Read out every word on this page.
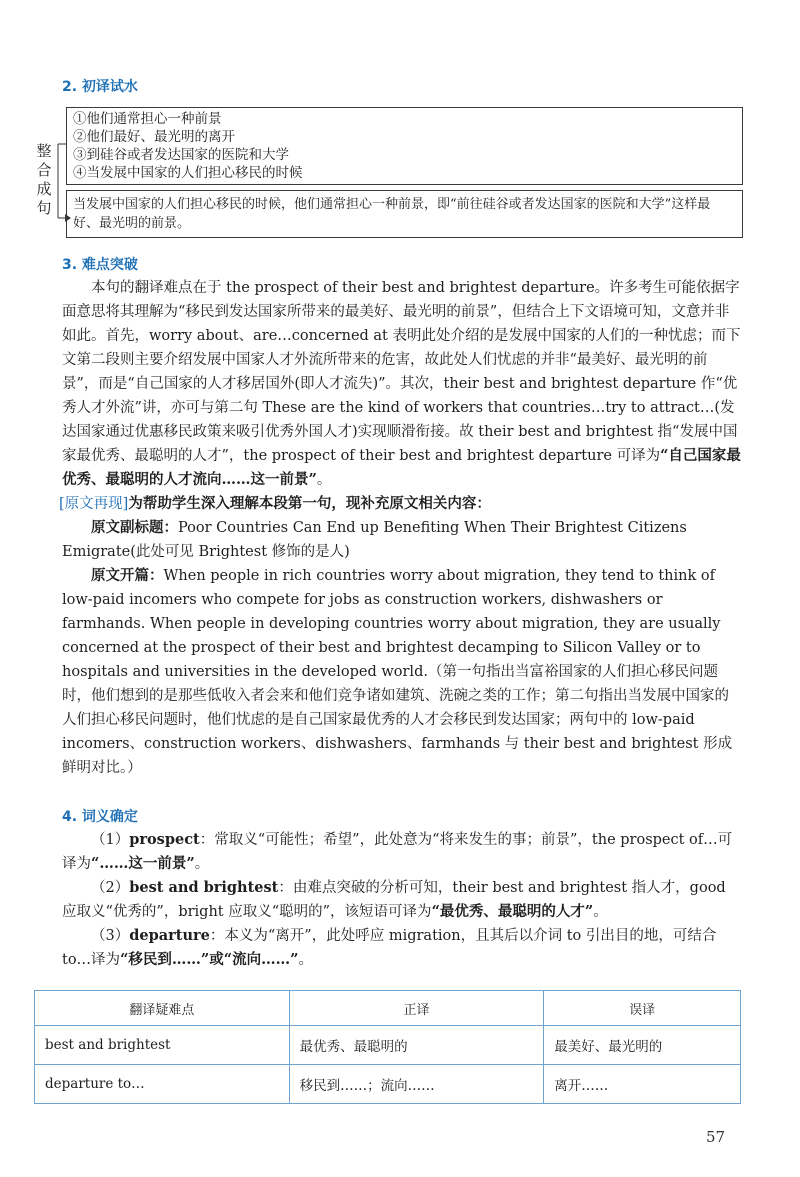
2. 初译试水
整合成句
①他们通常担心一种前景
②他们最好、最光明的离开
③到硅谷或者发达国家的医院和大学
④当发展中国家的人们担心移民的时候
当发展中国家的人们担心移民的时候，他们通常担心一种前景，即“前往硅谷或者发达国家的医院和大学”这样最好、最光明的前景。
3. 难点突破

本句的翻译难点在于 the prospect of their best and brightest departure。许多考生可能依据字面意思将其理解为“移民到发达国家所带来的最美好、最光明的前景”，但结合上下文语境可知，文意并非如此。首先，worry about、are…concerned at 表明此处介绍的是发展中国家的人们的一种忧虑；而下文第二段则主要介绍发展中国家人才外流所带来的危害，故此处人们忧虑的并非“最美好、最光明的前景”，而是“自己国家的人才移居国外(即人才流失)”。其次，their best and brightest departure 作“优秀人才外流”讲，亦可与第二句 These are the kind of workers that countries…try to attract…(发达国家通过优惠移民政策来吸引优秀外国人才)实现顺滑衔接。故 their best and brightest 指“发展中国家最优秀、最聪明的人才”，the prospect of their best and brightest departure 可译为“自己国家最优秀、最聪明的人才流向……这一前景”。

[原文再现]为帮助学生深入理解本段第一句，现补充原文相关内容：

原文副标题：Poor Countries Can End up Benefiting When Their Brightest Citizens Emigrate(此处可见 Brightest 修饰的是人)

原文开篇：When people in rich countries worry about migration, they tend to think of low-paid incomers who compete for jobs as construction workers, dishwashers or farmhands. When people in developing countries worry about migration, they are usually concerned at the prospect of their best and brightest decamping to Silicon Valley or to hospitals and universities in the developed world.（第一句指出当富裕国家的人们担心移民问题时，他们想到的是那些低收入者会来和他们竞争诸如建筑、洗碗之类的工作；第二句指出当发展中国家的人们担心移民问题时，他们忧虑的是自己国家最优秀的人才会移民到发达国家；两句中的 low-paid incomers、construction workers、dishwashers、farmhands 与 their best and brightest 形成鲜明对比。）

4. 词义确定

（1）prospect：常取义“可能性；希望”，此处意为“将来发生的事；前景”，the prospect of…可译为“……这一前景”。

（2）best and brightest：由难点突破的分析可知，their best and brightest 指人才，good 应取义“优秀的”，bright 应取义“聪明的”，该短语可译为“最优秀、最聪明的人才”。

（3）departure：本义为“离开”，此处呼应 migration，且其后以介词 to 引出目的地，可结合 to…译为“移民到……”或“流向……”。

翻译疑难点	正译	误译
best and brightest	最优秀、最聪明的	最美好、最光明的
departure to…	移民到……；流向……	离开……
57
